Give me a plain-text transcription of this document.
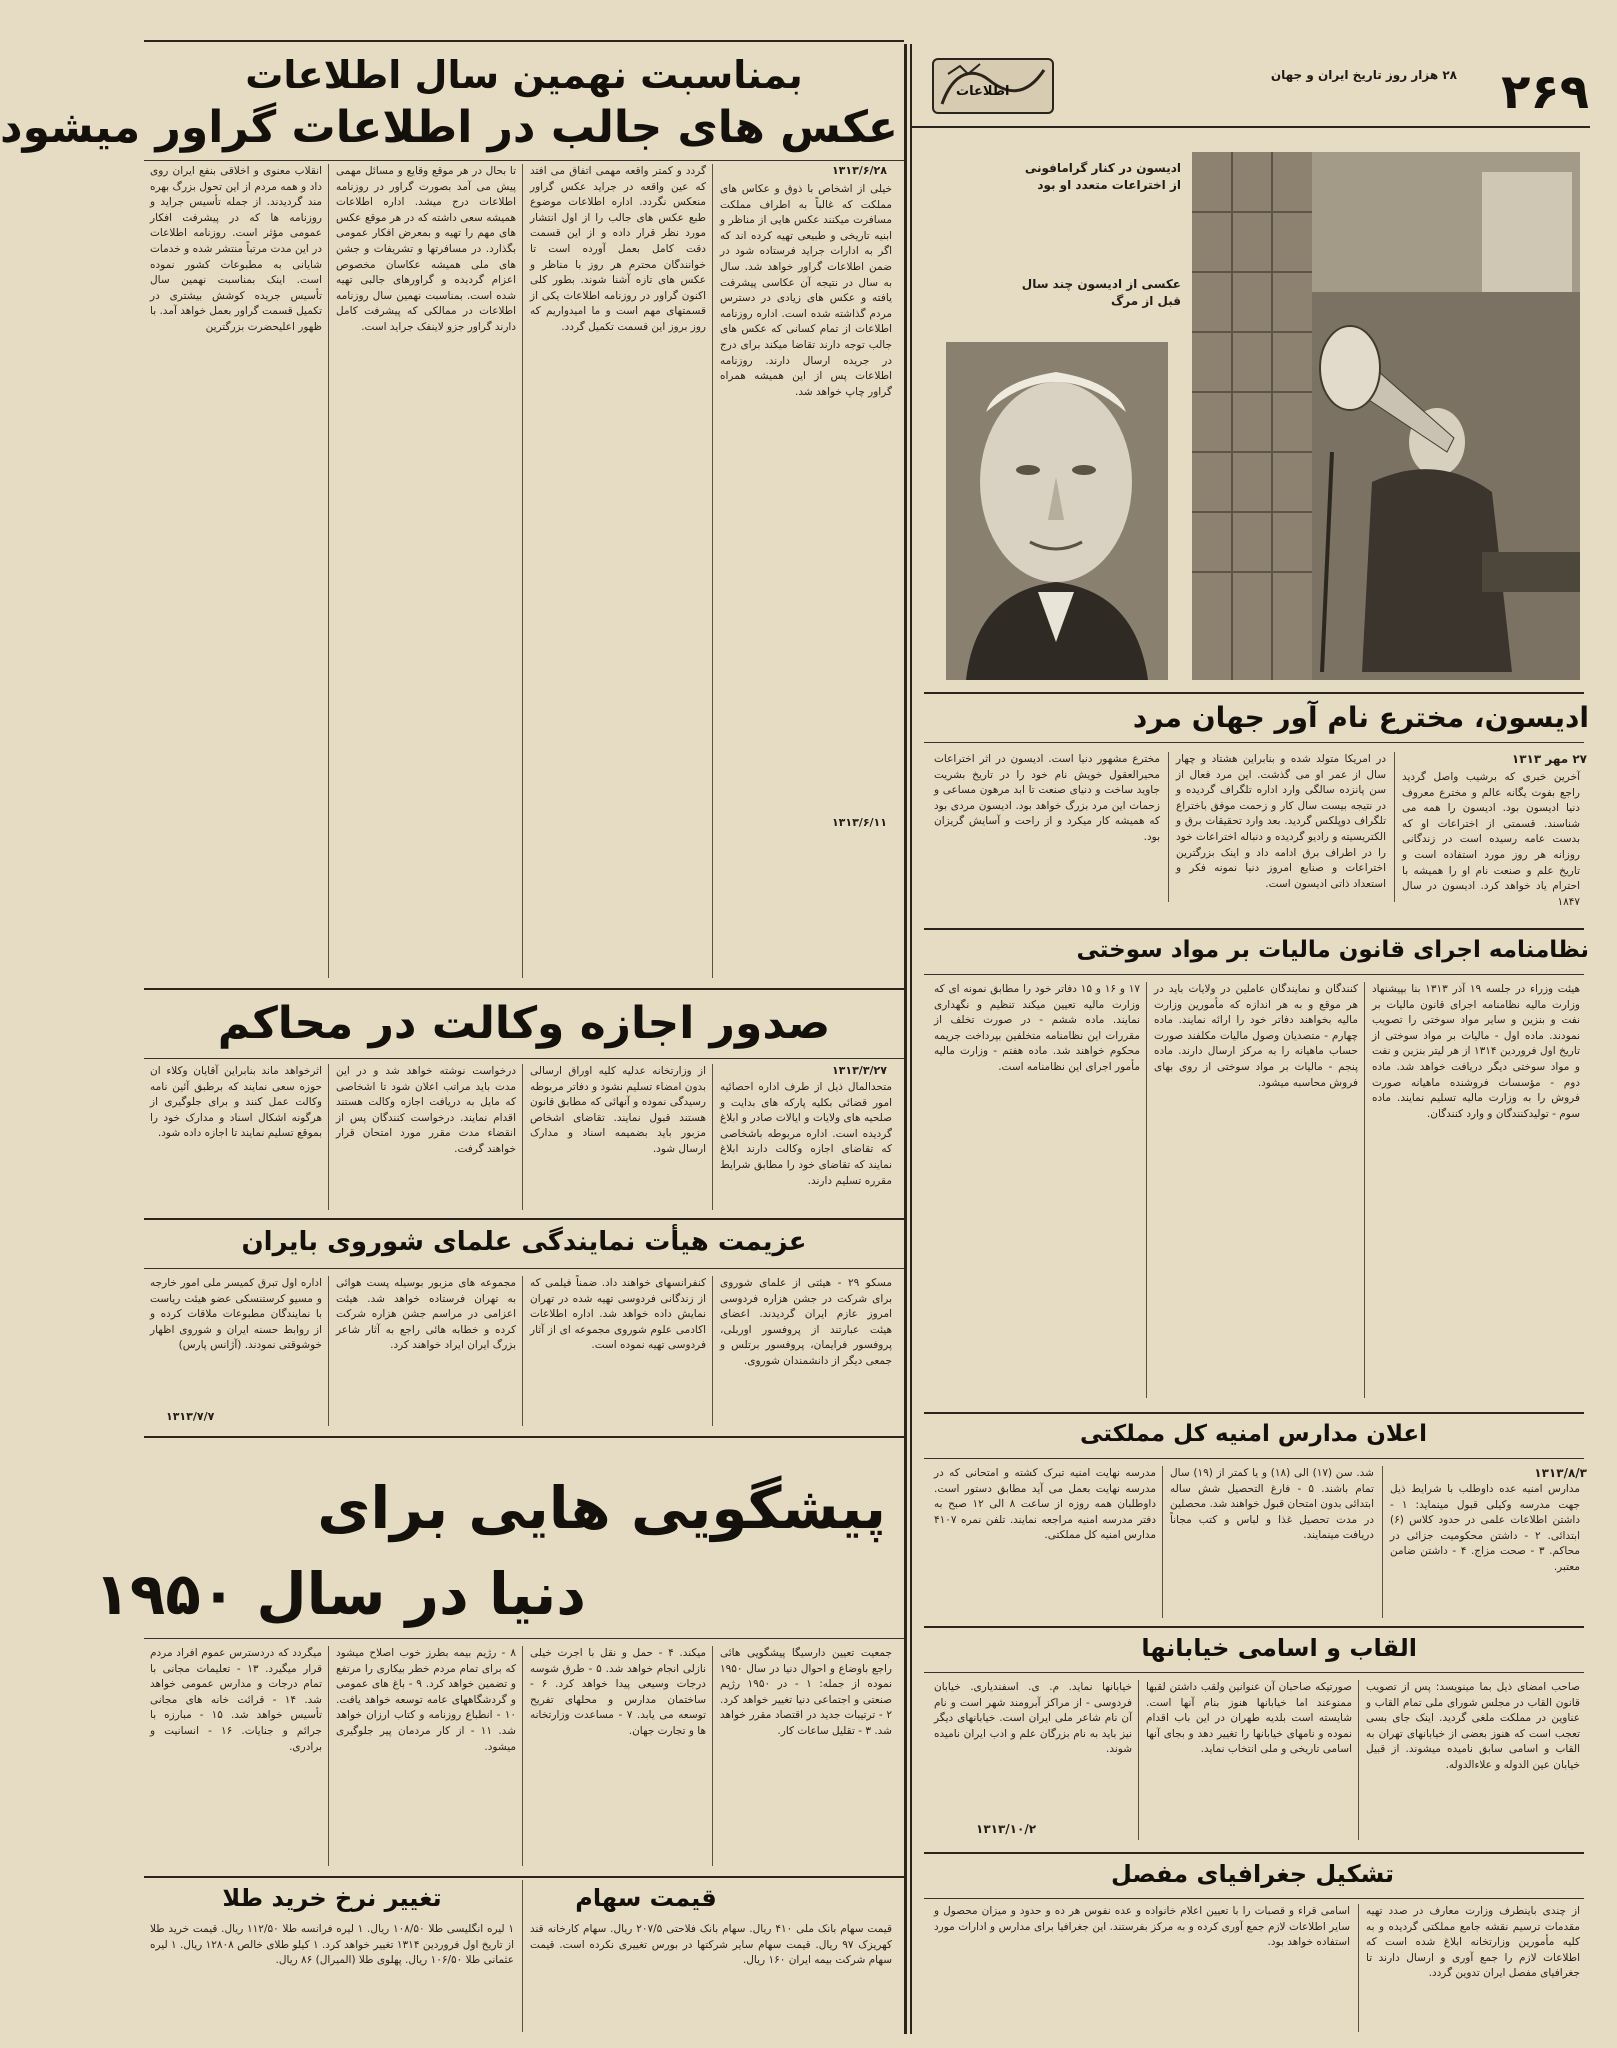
۲۶۹
۲۸ هزار روز تاریخ ایران و جهان
اطلاعات
ادیسون در کنار گرامافونی از اختراعات متعدد او بود
عکسی از ادیسون چند سال قبل از مرگ
ادیسون، مخترع نام آور جهان مرد
۲۷ مهر ۱۳۱۳
آخرین خبری که برشیب واصل گردید راجع بفوت یگانه عالم و مخترع معروف دنیا ادیسون بود. ادیسون را همه می شناسند. قسمتی از اختراعات او که بدست عامه رسیده است در زندگانی روزانه هر روز مورد استفاده است و تاریخ علم و صنعت نام او را همیشه با احترام یاد خواهد کرد. ادیسون در سال ۱۸۴۷
در امریکا متولد شده و بنابراین هشتاد و چهار سال از عمر او می گذشت. این مرد فعال از سن پانزده سالگی وارد اداره تلگراف گردیده و در نتیجه بیست سال کار و زحمت موفق باختراع تلگراف دوپلکس گردید. بعد وارد تحقیقات برق و الکتریسیته و رادیو گردیده و دنباله اختراعات خود را در اطراف برق ادامه داد و اینک بزرگترین اختراعات و صنایع امروز دنیا نمونه فکر و استعداد ذاتی ادیسون است.
مخترع مشهور دنیا است. ادیسون در اثر اختراعات محیرالعقول خویش نام خود را در تاریخ بشریت جاوید ساخت و دنیای صنعت تا ابد مرهون مساعی و زحمات این مرد بزرگ خواهد بود. ادیسون مردی بود که همیشه کار میکرد و از راحت و آسایش گریزان بود.
نظامنامه اجرای قانون مالیات بر مواد سوختی
هیئت وزراء در جلسه ۱۹ آذر ۱۳۱۳ بنا بپیشنهاد وزارت مالیه نظامنامه اجرای قانون مالیات بر نفت و بنزین و سایر مواد سوختی را تصویب نمودند. ماده اول - مالیات بر مواد سوختی از تاریخ اول فروردین ۱۳۱۴ از هر لیتر بنزین و نفت و مواد سوختی دیگر دریافت خواهد شد. ماده دوم - مؤسسات فروشنده ماهیانه صورت فروش را به وزارت مالیه تسلیم نمایند. ماده سوم - تولیدکنندگان و وارد کنندگان.
کنندگان و نمایندگان عاملین در ولایات باید در هر موقع و به هر اندازه که مأمورین وزارت مالیه بخواهند دفاتر خود را ارائه نمایند. ماده چهارم - متصدیان وصول مالیات مکلفند صورت حساب ماهیانه را به مرکز ارسال دارند. ماده پنجم - مالیات بر مواد سوختی از روی بهای فروش محاسبه میشود.
۱۷ و ۱۶ و ۱۵ دفاتر خود را مطابق نمونه ای که وزارت مالیه تعیین میکند تنظیم و نگهداری نمایند. ماده ششم - در صورت تخلف از مقررات این نظامنامه متخلفین بپرداخت جریمه محکوم خواهند شد. ماده هفتم - وزارت مالیه مأمور اجرای این نظامنامه است.
اعلان مدارس امنیه کل مملکتی
۱۳۱۳/۸/۳
مدارس امنیه عده داوطلب با شرایط ذیل جهت مدرسه وکیلی قبول مینماید: ۱ - داشتن اطلاعات علمی در حدود کلاس (۶) ابتدائی. ۲ - داشتن محکومیت جزائی در محاکم. ۳ - صحت مزاج. ۴ - داشتن ضامن معتبر.
شد. سن (۱۷) الی (۱۸) و یا کمتر از (۱۹) سال تمام باشند. ۵ - فارغ التحصیل شش ساله ابتدائی بدون امتحان قبول خواهند شد. محصلین در مدت تحصیل غذا و لباس و کتب مجاناً دریافت مینمایند.
مدرسه نهایت امنیه تبرک کشته و امتحانی که در مدرسه نهایت بعمل می آید مطابق دستور است. داوطلبان همه روزه از ساعت ۸ الی ۱۲ صبح به دفتر مدرسه امنیه مراجعه نمایند. تلفن نمره ۴۱۰۷ مدارس امنیه کل مملکتی.
القاب و اسامی خیابانها
صاحب امضای ذیل بما مینویسد: پس از تصویب قانون القاب در مجلس شورای ملی تمام القاب و عناوین در مملکت ملغی گردید. اینک جای بسی تعجب است که هنوز بعضی از خیابانهای تهران به القاب و اسامی سابق نامیده میشوند. از قبیل خیابان عین الدوله و علاءالدوله.
صورتیکه صاحبان آن عنوانین ولقب داشتن لقبها ممنوعند اما خیابانها هنوز بنام آنها است. شایسته است بلدیه طهران در این باب اقدام نموده و نامهای خیابانها را تغییر دهد و بجای آنها اسامی تاریخی و ملی انتخاب نماید.
خیابانها نماید. م. ی. اسفندیاری. خیابان فردوسی - از مراکز آبرومند شهر است و نام آن نام شاعر ملی ایران است. خیابانهای دیگر نیز باید به نام بزرگان علم و ادب ایران نامیده شوند.
۱۳۱۳/۱۰/۲
تشکیل جغرافیای مفصل
از چندی باینطرف وزارت معارف در صدد تهیه مقدمات ترسیم نقشه جامع مملکتی گردیده و به کلیه مأمورین وزارتخانه ابلاغ شده است که اطلاعات لازم را جمع آوری و ارسال دارند تا جغرافیای مفصل ایران تدوین گردد.
اسامی قراء و قصبات را با تعیین اعلام خانواده و عده نفوس هر ده و حدود و میزان محصول و سایر اطلاعات لازم جمع آوری کرده و به مرکز بفرستند. این جغرافیا برای مدارس و ادارات مورد استفاده خواهد بود.
بمناسبت نهمین سال اطلاعات
عکس های جالب در اطلاعات گراور میشود
۱۳۱۳/۶/۲۸
خیلی از اشخاص با ذوق و عکاس های مملکت که غالباً به اطراف مملکت مسافرت میکنند عکس هایی از مناظر و ابنیه تاریخی و طبیعی تهیه کرده اند که اگر به ادارات جراید فرستاده شود در ضمن اطلاعات گراور خواهد شد. سال به سال در نتیجه آن عکاسی پیشرفت یافته و عکس های زیادی در دسترس مردم گذاشته شده است. اداره روزنامه اطلاعات از تمام کسانی که عکس های جالب توجه دارند تقاضا میکند برای درج در جریده ارسال دارند. روزنامه اطلاعات پس از این همیشه همراه گراور چاپ خواهد شد.
۱۳۱۳/۶/۱۱
گردد و کمتر واقعه مهمی اتفاق می افتد که عین واقعه در جراید عکس گراور منعکس نگردد. اداره اطلاعات موضوع طبع عکس های جالب را از اول انتشار مورد نظر قرار داده و از این قسمت دقت کامل بعمل آورده است تا خوانندگان محترم هر روز با مناظر و عکس های تازه آشنا شوند. بطور کلی اکنون گراور در روزنامه اطلاعات یکی از قسمتهای مهم است و ما امیدواریم که روز بروز این قسمت تکمیل گردد.
تا بحال در هر موقع وقایع و مسائل مهمی پیش می آمد بصورت گراور در روزنامه اطلاعات درج میشد. اداره اطلاعات همیشه سعی داشته که در هر موقع عکس های مهم را تهیه و بمعرض افکار عمومی بگذارد. در مسافرتها و تشریفات و جشن های ملی همیشه عکاسان مخصوص اعزام گردیده و گراورهای جالبی تهیه شده است. بمناسبت نهمین سال روزنامه اطلاعات در ممالکی که پیشرفت کامل دارند گراور جزو لاینفک جراید است.
انقلاب معنوی و اخلاقی بنفع ایران روی داد و همه مردم از این تحول بزرگ بهره مند گردیدند. از جمله تأسیس جراید و روزنامه ها که در پیشرفت افکار عمومی مؤثر است. روزنامه اطلاعات در این مدت مرتباً منتشر شده و خدمات شایانی به مطبوعات کشور نموده است. اینک بمناسبت نهمین سال تأسیس جریده کوشش بیشتری در تکمیل قسمت گراور بعمل خواهد آمد. با ظهور اعلیحضرت بزرگترین
صدور اجازه وکالت در محاکم
۱۳۱۳/۳/۲۷
متحدالمال ذیل از طرف اداره احصائیه امور قضائی بکلیه پارکه های بدایت و صلحیه های ولایات و ایالات صادر و ابلاغ گردیده است. اداره مربوطه باشخاصی که تقاضای اجازه وکالت دارند ابلاغ نمایند که تقاضای خود را مطابق شرایط مقرره تسلیم دارند.
از وزارتخانه عدلیه کلیه اوراق ارسالی بدون امضاء تسلیم نشود و دفاتر مربوطه رسیدگی نموده و آنهائی که مطابق قانون هستند قبول نمایند. تقاضای اشخاص مزبور باید بضمیمه اسناد و مدارک ارسال شود.
درخواست نوشته خواهد شد و در این مدت باید مراتب اعلان شود تا اشخاصی که مایل به دریافت اجازه وکالت هستند اقدام نمایند. درخواست کنندگان پس از انقضاء مدت مقرر مورد امتحان قرار خواهند گرفت.
اثرخواهد ماند بنابراین آقایان وکلاء ان حوزه سعی نمایند که برطبق آئین نامه وکالت عمل کنند و برای جلوگیری از هرگونه اشکال اسناد و مدارک خود را بموقع تسلیم نمایند تا اجازه داده شود.
عزیمت هیأت نمایندگی علمای شوروی بایران
مسکو ۲۹ - هیئتی از علمای شوروی برای شرکت در جشن هزاره فردوسی امروز عازم ایران گردیدند. اعضای هیئت عبارتند از پروفسور اوربلی، پروفسور فرایمان، پروفسور برتلس و جمعی دیگر از دانشمندان شوروی.
کنفرانسهای خواهند داد. ضمناً فیلمی که از زندگانی فردوسی تهیه شده در تهران نمایش داده خواهد شد. اداره اطلاعات اکادمی علوم شوروی مجموعه ای از آثار فردوسی تهیه نموده است.
مجموعه های مزبور بوسیله پست هوائی به تهران فرستاده خواهد شد. هیئت اعزامی در مراسم جشن هزاره شرکت کرده و خطابه هائی راجع به آثار شاعر بزرگ ایران ایراد خواهند کرد.
اداره اول تبرق کمیسر ملی امور خارجه و مسیو کرستنسکی عضو هیئت ریاست با نمایندگان مطبوعات ملاقات کرده و از روابط حسنه ایران و شوروی اظهار خوشوقتی نمودند. (آژانس پارس)
۱۳۱۳/۷/۷
پیشگویی هایی برای
دنیا در سال ۱۹۵۰
جمعیت تعیین دارسیگا پیشگویی هائی راجع باوضاع و احوال دنیا در سال ۱۹۵۰ نموده از جمله: ۱ - در ۱۹۵۰ رژیم صنعتی و اجتماعی دنیا تغییر خواهد کرد. ۲ - ترتیبات جدید در اقتصاد مقرر خواهد شد. ۳ - تقلیل ساعات کار.
میکند. ۴ - حمل و نقل با اجرت خیلی نازلی انجام خواهد شد. ۵ - طرق شوسه درجات وسیعی پیدا خواهد کرد. ۶ - ساختمان مدارس و محلهای تفریح توسعه می یابد. ۷ - مساعدت وزارتخانه ها و تجارت جهان.
۸ - رژیم بیمه بطرز خوب اصلاح میشود که برای تمام مردم خطر بیکاری را مرتفع و تضمین خواهد کرد. ۹ - باغ های عمومی و گردشگاههای عامه توسعه خواهد یافت. ۱۰ - انطباع روزنامه و کتاب ارزان خواهد شد. ۱۱ - از کار مردمان پیر جلوگیری میشود.
میگردد که دردسترس عموم افراد مردم قرار میگیرد. ۱۳ - تعلیمات مجانی با تمام درجات و مدارس عمومی خواهد شد. ۱۴ - قرائت خانه های مجانی تأسیس خواهد شد. ۱۵ - مبارزه با جرائم و جنایات. ۱۶ - انسانیت و برادری.
قیمت سهام
قیمت سهام بانک ملی ۴۱۰ ریال. سهام بانک فلاحتی ۲۰۷/۵ ریال. سهام کارخانه قند کهریزک ۹۷ ریال. قیمت سهام سایر شرکتها در بورس تغییری نکرده است. قیمت سهام شرکت بیمه ایران ۱۶۰ ریال.
تغییر نرخ خرید طلا
۱ لیره انگلیسی طلا ۱۰۸/۵۰ ریال. ۱ لیره فرانسه طلا ۱۱۲/۵۰ ریال. قیمت خرید طلا از تاریخ اول فروردین ۱۳۱۴ تغییر خواهد کرد. ۱ کیلو طلای خالص ۱۲۸۰۸ ریال. ۱ لیره عثمانی طلا ۱۰۶/۵۰ ریال. پهلوی طلا (المیرال) ۸۶ ریال.
